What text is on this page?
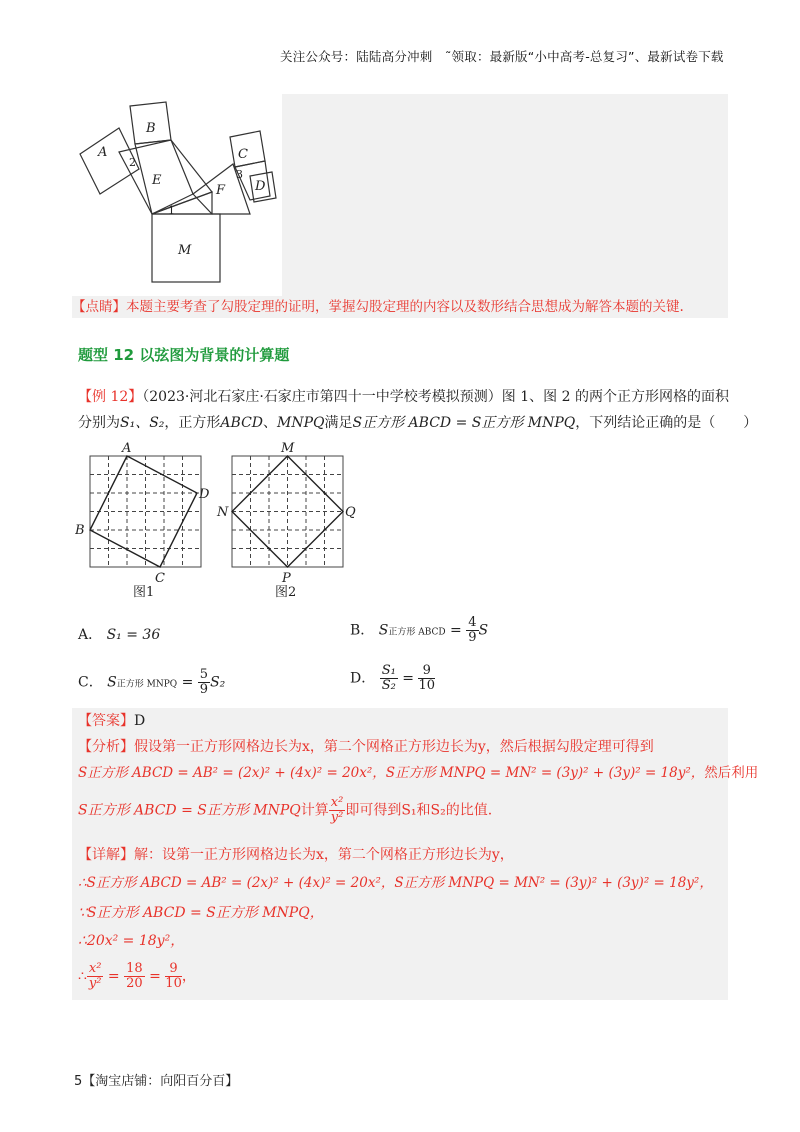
关注公众号：陆陆高分冲刺　˜领取：最新版“小中高考-总复习”、最新试卷下载
A
B
2
E
C
3
D
F
1
M
【点睛】本题主要考查了勾股定理的证明，掌握勾股定理的内容以及数形结合思想成为解答本题的关键.
题型 12 以弦图为背景的计算题
【例 12】（2023·河北石家庄·石家庄市第四十一中学校考模拟预测）图 1、图 2 的两个正方形网格的面积
分别为S₁、S₂，正方形ABCD、MNPQ满足S正方形 ABCD = S正方形 MNPQ，下列结论正确的是（　　）
A
B
C
D
M
N
P
Q
图1	图2
A． S₁ = 36	B． S正方形 ABCD = $\frac{4}{9}$ S
C． S正方形 MNPQ = $\frac{5}{9} S_2$	D． $\frac{\text{S₁}}{\text{S₂}} = \frac{9}{10}$
【答案】D
【分析】假设第一正方形网格边长为x，第二个网格正方形边长为y，然后根据勾股定理可得到
S正方形 ABCD = AB² = (2x)² + (4x)² = 20x²，S正方形 MNPQ = MN² = (3y)² + (3y)² = 18y²，然后利用
S正方形 ABCD = S正方形 MNPQ计算 $\frac{\text{x²}}{\text{y²}}$ 即可得到S₁和S₂的比值.
【详解】解：设第一正方形网格边长为x，第二个网格正方形边长为y，
∴S正方形 ABCD = AB² = (2x)² + (4x)² = 20x²，S正方形 MNPQ = MN² = (3y)² + (3y)² = 18y²，
∵S正方形 ABCD = S正方形 MNPQ，
∴20x² = 18y²，
∴ $\frac{\text{x²}}{\text{y²}} = \frac{18}{20} = \frac{9}{10}$ ，
5【淘宝店铺：向阳百分百】
